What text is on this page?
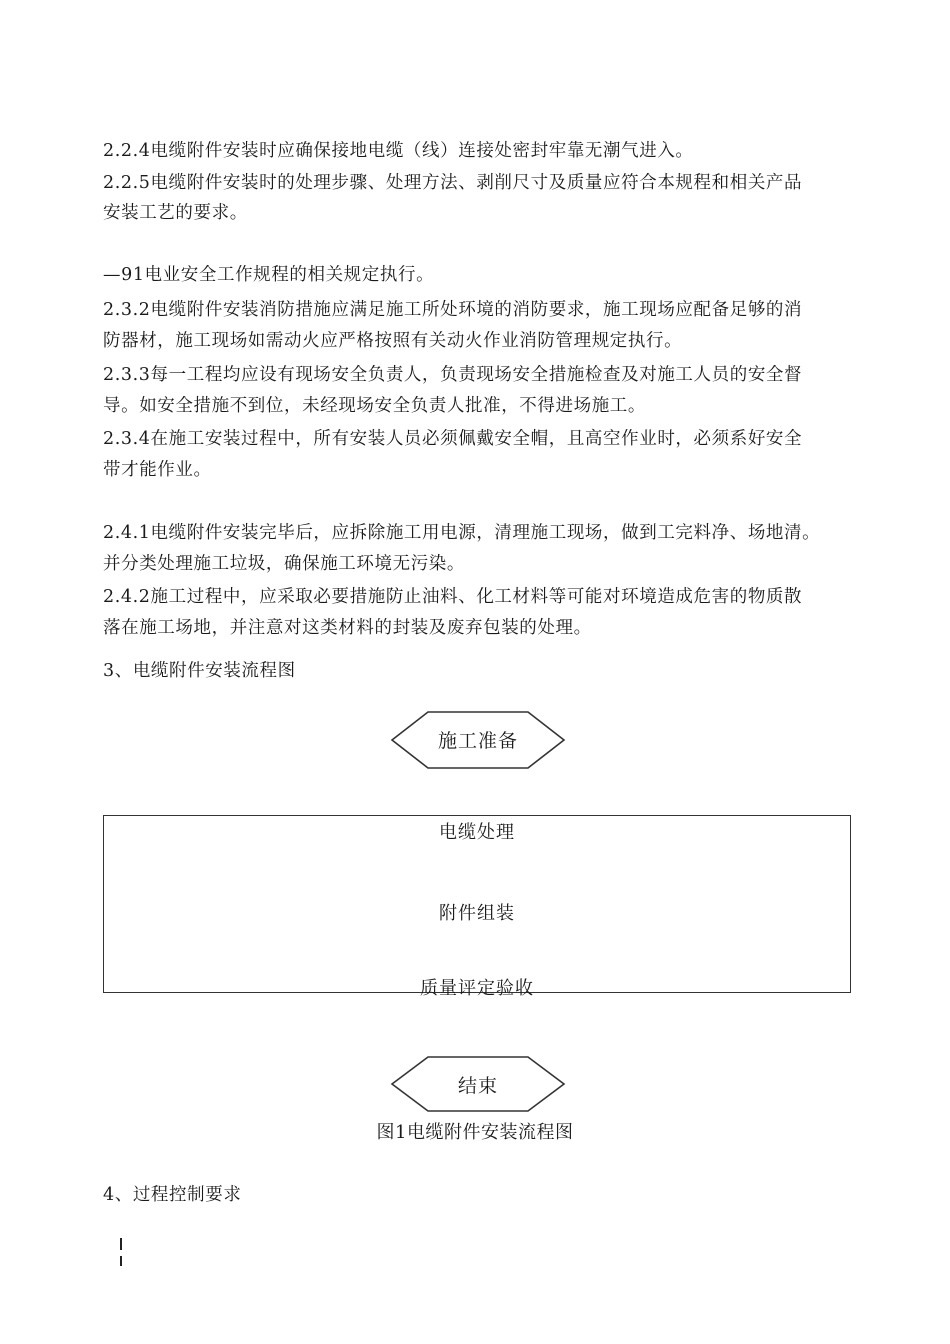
2.2.4电缆附件安装时应确保接地电缆（线）连接处密封牢靠无潮气进入。
2.2.5电缆附件安装时的处理步骤、处理方法、剥削尺寸及质量应符合本规程和相关产品
安装工艺的要求。
—91电业安全工作规程的相关规定执行。
2.3.2电缆附件安装消防措施应满足施工所处环境的消防要求，施工现场应配备足够的消
防器材，施工现场如需动火应严格按照有关动火作业消防管理规定执行。
2.3.3每一工程均应设有现场安全负责人，负责现场安全措施检查及对施工人员的安全督
导。如安全措施不到位，未经现场安全负责人批准，不得进场施工。
2.3.4在施工安装过程中，所有安装人员必须佩戴安全帽，且高空作业时，必须系好安全
带才能作业。
2.4.1电缆附件安装完毕后，应拆除施工用电源，清理施工现场，做到工完料净、场地清。
并分类处理施工垃圾，确保施工环境无污染。
2.4.2施工过程中，应采取必要措施防止油料、化工材料等可能对环境造成危害的物质散
落在施工场地，并注意对这类材料的封装及废弃包装的处理。
3、电缆附件安装流程图
施工准备
电缆处理
附件组装
质量评定验收
结束
图1电缆附件安装流程图
4、过程控制要求
